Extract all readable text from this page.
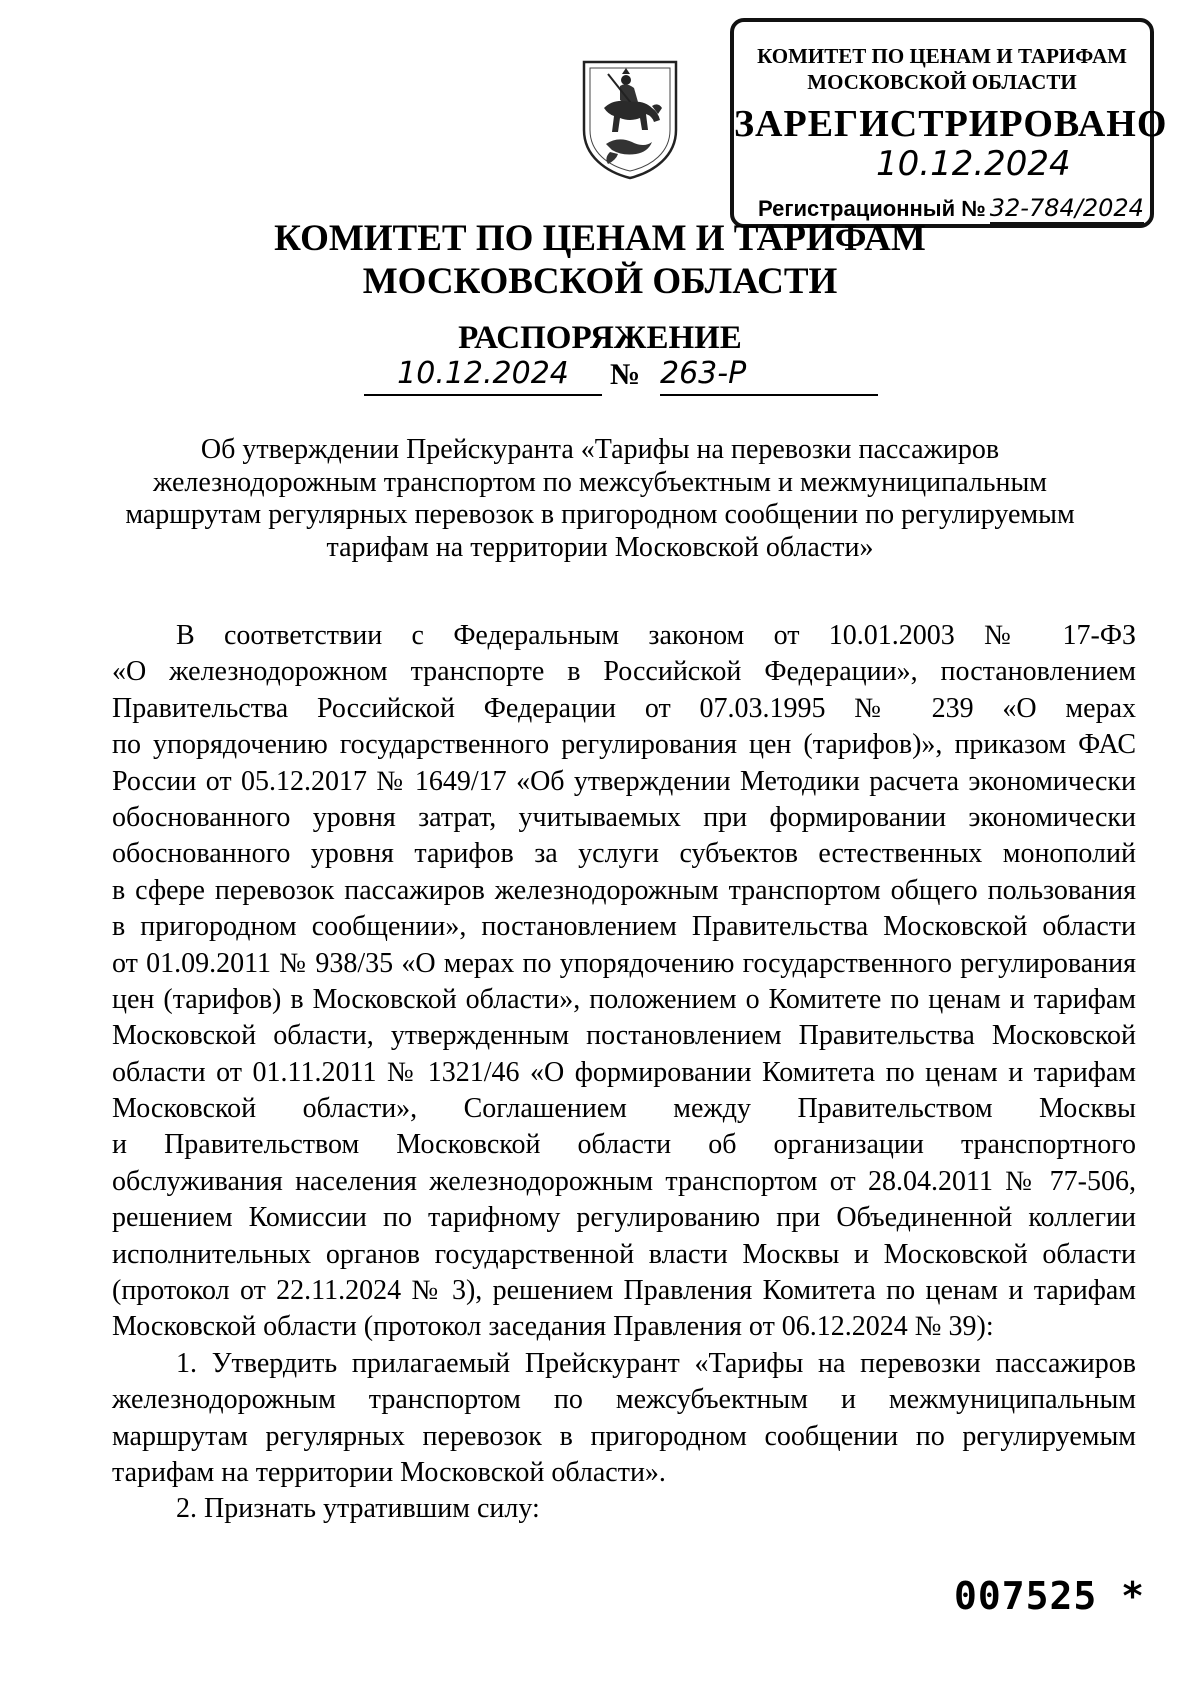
КОМИТЕТ ПО ЦЕНАМ И ТАРИФАМ
МОСКОВСКОЙ ОБЛАСТИ
ЗАРЕГИСТРИРОВАНО
10.12.2024
Регистрационный № 32-784/2024
КОМИТЕТ ПО ЦЕНАМ И ТАРИФАМ
МОСКОВСКОЙ ОБЛАСТИ
РАСПОРЯЖЕНИЕ
10.12.2024	№ 263-Р
Об утверждении Прейскуранта «Тарифы на перевозки пассажиров
железнодорожным транспортом по межсубъектным и межмуниципальным
маршрутам регулярных перевозок в пригородном сообщении по регулируемым
тарифам на территории Московской области»
В соответствии с Федеральным законом от 10.01.2003 № 17-ФЗ
«О железнодорожном транспорте в Российской Федерации», постановлением
Правительства Российской Федерации от 07.03.1995 № 239 «О мерах
по упорядочению государственного регулирования цен (тарифов)», приказом ФАС
России от 05.12.2017 № 1649/17 «Об утверждении Методики расчета экономически
обоснованного уровня затрат, учитываемых при формировании экономически
обоснованного уровня тарифов за услуги субъектов естественных монополий
в сфере перевозок пассажиров железнодорожным транспортом общего пользования
в пригородном сообщении», постановлением Правительства Московской области
от 01.09.2011 № 938/35 «О мерах по упорядочению государственного регулирования
цен (тарифов) в Московской области», положением о Комитете по ценам и тарифам
Московской области, утвержденным постановлением Правительства Московской
области от 01.11.2011 № 1321/46 «О формировании Комитета по ценам и тарифам
Московской области», Соглашением между Правительством Москвы
и Правительством Московской области об организации транспортного
обслуживания населения железнодорожным транспортом от 28.04.2011 № 77-506,
решением Комиссии по тарифному регулированию при Объединенной коллегии
исполнительных органов государственной власти Москвы и Московской области
(протокол от 22.11.2024 № 3), решением Правления Комитета по ценам и тарифам
Московской области (протокол заседания Правления от 06.12.2024 № 39):
1. Утвердить прилагаемый Прейскурант «Тарифы на перевозки пассажиров
железнодорожным транспортом по межсубъектным и межмуниципальным
маршрутам регулярных перевозок в пригородном сообщении по регулируемым
тарифам на территории Московской области».
2. Признать утратившим силу:
007525 *
